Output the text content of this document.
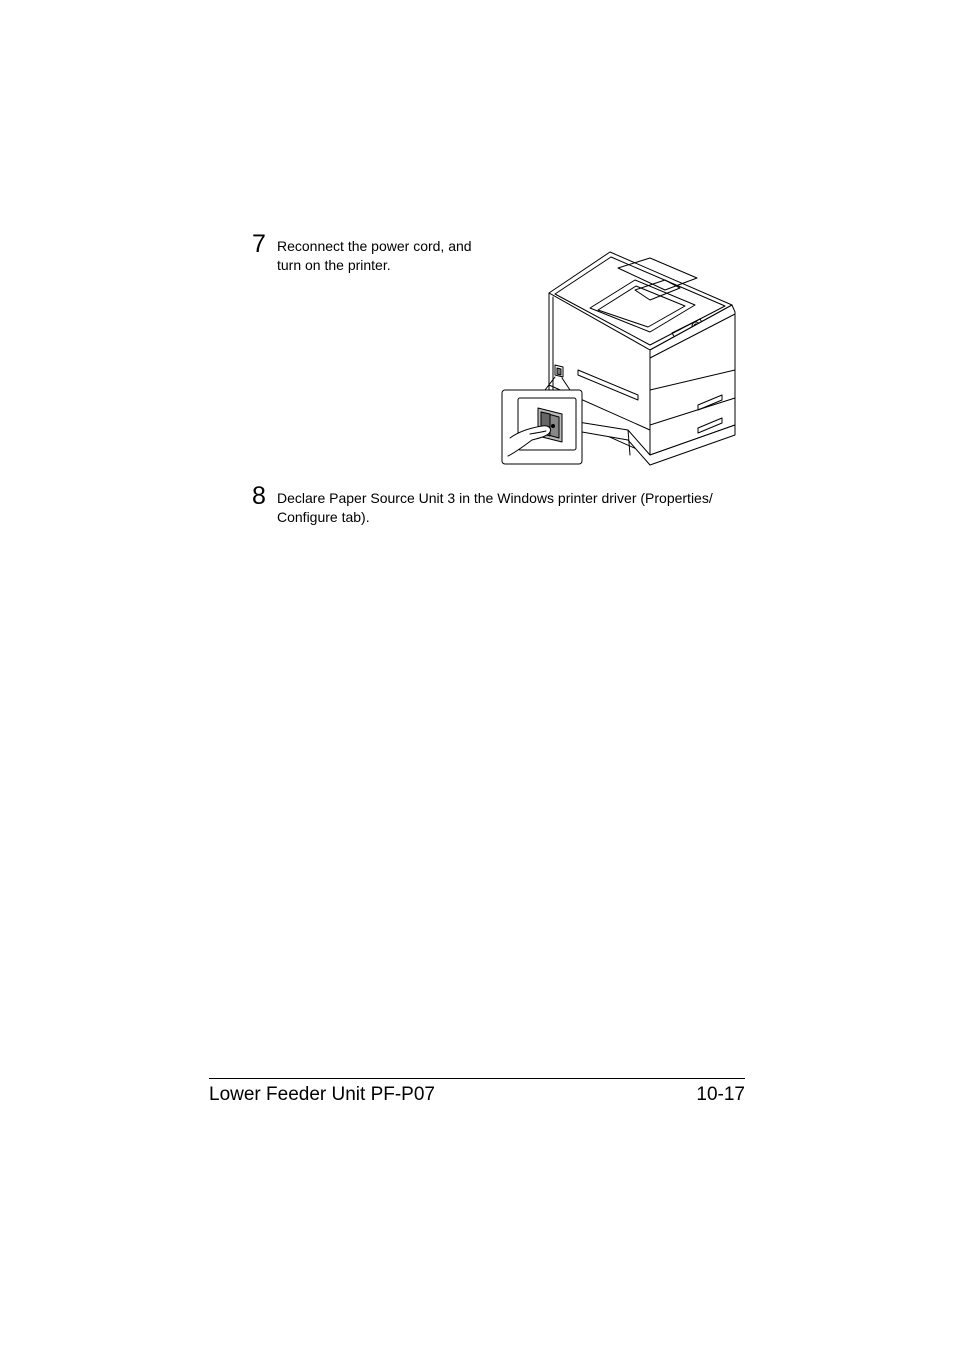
7 Reconnect the power cord, and
turn on the printer.
8 Declare Paper Source Unit 3 in the Windows printer driver (Properties/
Configure tab).
Lower Feeder Unit PF-P07	10-17
